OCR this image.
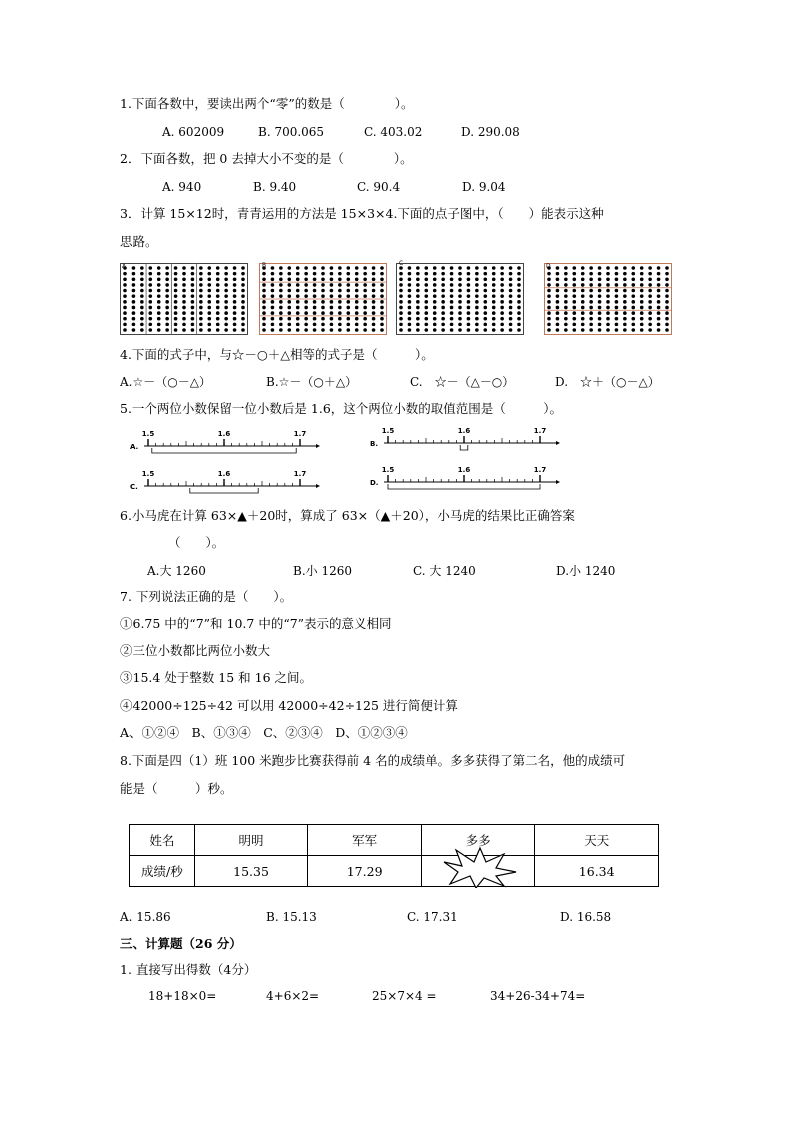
1.下面各数中，要读出两个“零”的数是（　　　　）。
A. 602009	B. 700.065	C. 403.02	D. 290.08
2．下面各数，把 0 去掉大小不变的是（　　　　）。
A. 940	B. 9.40	C. 90.4	D. 9.04
3．计算 15×12时，青青运用的方法是 15×3×4.下面的点子图中，（　　）能表示这种
思路。
A	B	C	D
4.下面的式子中，与☆－○＋△相等的式子是（　　　）。
A.☆－（○－△）	B.☆－（○＋△）	C.　☆－（△－○）	D.　☆＋（○－△）
5.一个两位小数保留一位小数后是 1.6，这个两位小数的取值范围是（　　　）。
1.5	1.6	1.7
A.
1.5	1.6	1.7
B.
1.5	1.6	1.7
C.
1.5	1.6	1.7
D.
6.小马虎在计算 63×▲＋20时，算成了 63×（▲＋20），小马虎的结果比正确答案
（　　）。
A.大 1260	B.小 1260	C. 大 1240	D.小 1240
7. 下列说法正确的是（　　）。
①6.75 中的“7”和 10.7 中的“7”表示的意义相同
②三位小数都比两位小数大
③15.4 处于整数 15 和 16 之间。
④42000÷125÷42 可以用 42000÷42÷125 进行简便计算
A、①②④　B、①③④　C、②③④　D、①②③④
8.下面是四（1）班 100 米跑步比赛获得前 4 名的成绩单。多多获得了第二名，他的成绩可
能是（　　　）秒。
姓名	明明	军军	多多	天天
成绩/秒	15.35	17.29		16.34
A. 15.86	B. 15.13	C. 17.31	D. 16.58
三、计算题（26 分）
1. 直接写出得数（4分）
18+18×0=	4+6×2=	25×7×4 =	34+26-34+74=
